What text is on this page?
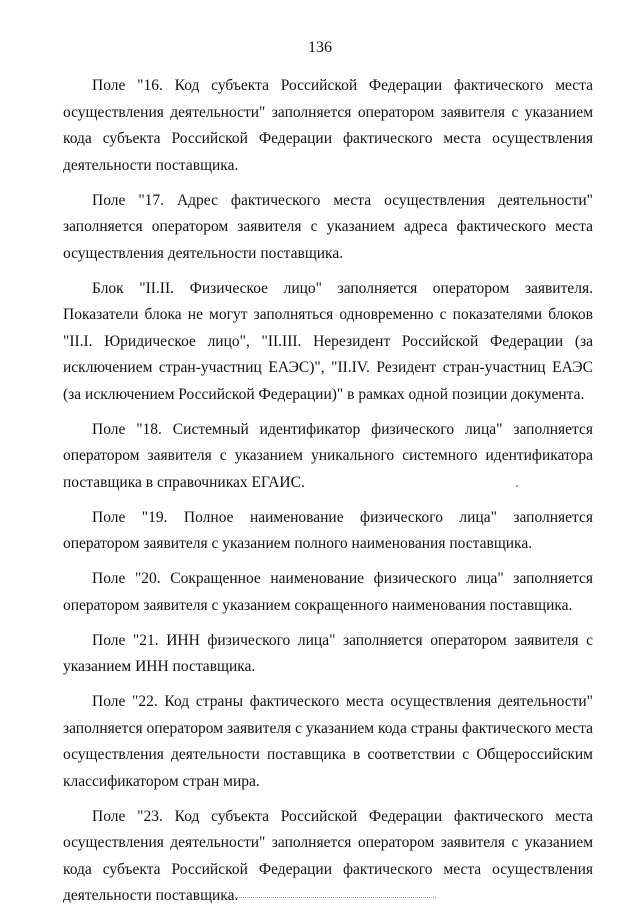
136

Поле "16. Код субъекта Российской Федерации фактического места осуществления деятельности" заполняется оператором заявителя с указанием кода субъекта Российской Федерации фактического места осуществления деятельности поставщика.

Поле "17. Адрес фактического места осуществления деятельности" заполняется оператором заявителя с указанием адреса фактического места осуществления деятельности поставщика.

Блок "II.II. Физическое лицо" заполняется оператором заявителя. Показатели блока не могут заполняться одновременно с показателями блоков "II.I. Юридическое лицо", "II.III. Нерезидент Российской Федерации (за исключением стран-участниц ЕАЭС)", "II.IV. Резидент стран-участниц ЕАЭС (за исключением Российской Федерации)" в рамках одной позиции документа.

Поле "18. Системный идентификатор физического лица" заполняется оператором заявителя с указанием уникального системного идентификатора поставщика в справочниках ЕГАИС.

Поле "19. Полное наименование физического лица" заполняется оператором заявителя с указанием полного наименования поставщика.

Поле "20. Сокращенное наименование физического лица" заполняется оператором заявителя с указанием сокращенного наименования поставщика.

Поле "21. ИНН физического лица" заполняется оператором заявителя с указанием ИНН поставщика.

Поле "22. Код страны фактического места осуществления деятельности" заполняется оператором заявителя с указанием кода страны фактического места осуществления деятельности поставщика в соответствии с Общероссийским классификатором стран мира.

Поле "23. Код субъекта Российской Федерации фактического места осуществления деятельности" заполняется оператором заявителя с указанием кода субъекта Российской Федерации фактического места осуществления деятельности поставщика.
